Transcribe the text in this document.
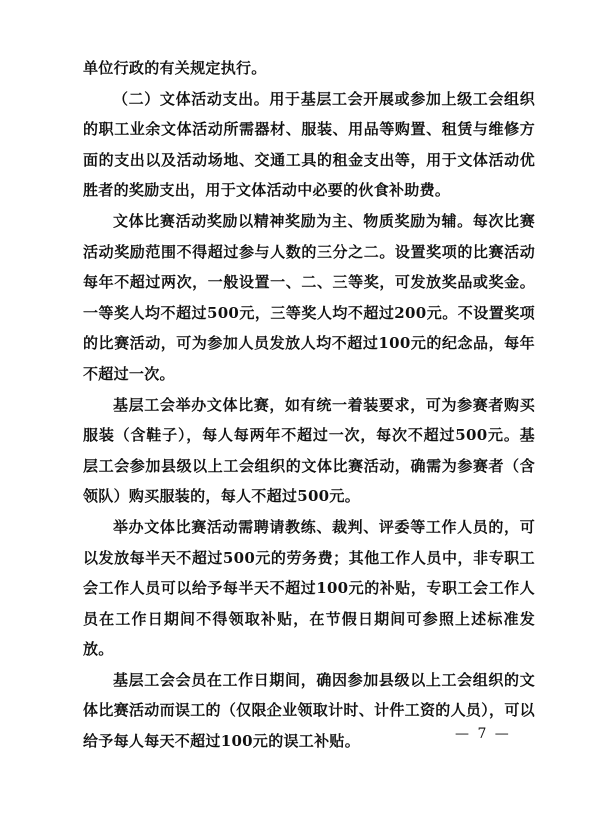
单位行政的有关规定执行。

（二）文体活动支出。用于基层工会开展或参加上级工会组织的职工业余文体活动所需器材、服装、用品等购置、租赁与维修方面的支出以及活动场地、交通工具的租金支出等，用于文体活动优胜者的奖励支出，用于文体活动中必要的伙食补助费。

文体比赛活动奖励以精神奖励为主、物质奖励为辅。每次比赛活动奖励范围不得超过参与人数的三分之二。设置奖项的比赛活动每年不超过两次，一般设置一、二、三等奖，可发放奖品或奖金。一等奖人均不超过500元，三等奖人均不超过200元。不设置奖项的比赛活动，可为参加人员发放人均不超过100元的纪念品，每年不超过一次。

基层工会举办文体比赛，如有统一着装要求，可为参赛者购买服装（含鞋子），每人每两年不超过一次，每次不超过500元。基层工会参加县级以上工会组织的文体比赛活动，确需为参赛者（含领队）购买服装的，每人不超过500元。

举办文体比赛活动需聘请教练、裁判、评委等工作人员的，可以发放每半天不超过500元的劳务费；其他工作人员中，非专职工会工作人员可以给予每半天不超过100元的补贴，专职工会工作人员在工作日期间不得领取补贴，在节假日期间可参照上述标准发放。

基层工会会员在工作日期间，确因参加县级以上工会组织的文体比赛活动而误工的（仅限企业领取计时、计件工资的人员），可以给予每人每天不超过100元的误工补贴。	— 7 —
